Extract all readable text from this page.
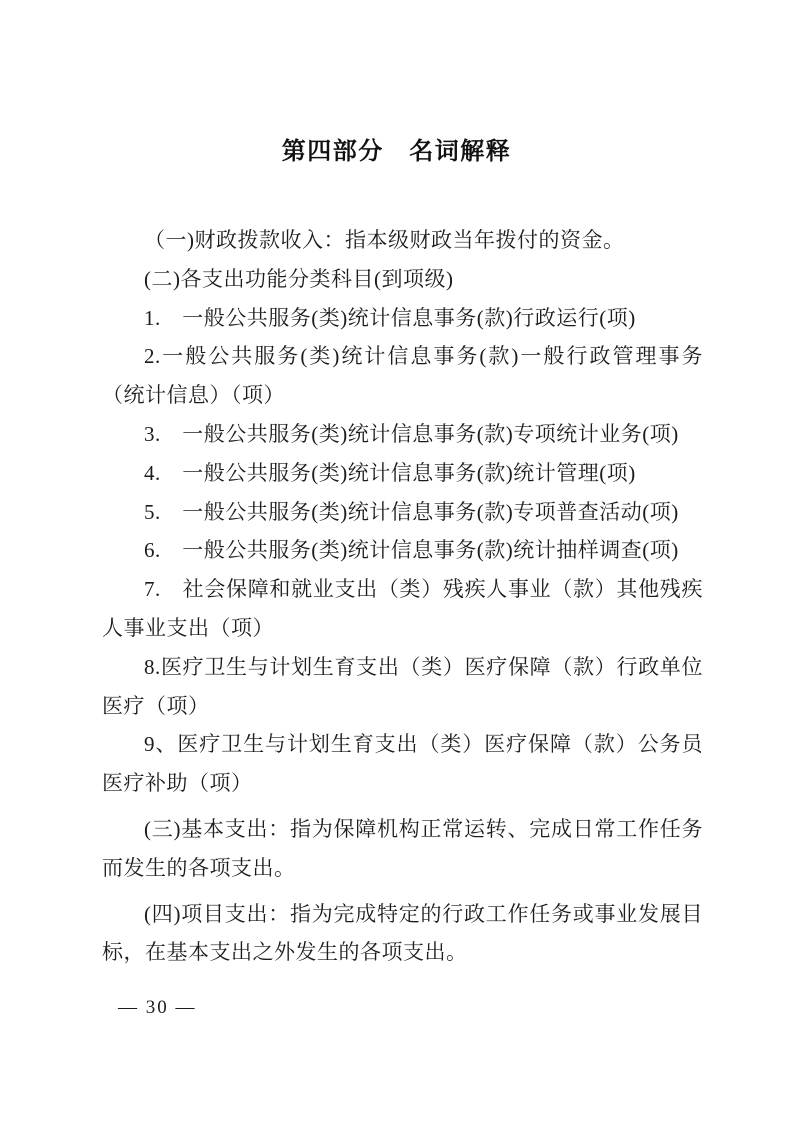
第四部分　名词解释

（一)财政拨款收入：指本级财政当年拨付的资金。

(二)各支出功能分类科目(到项级)

1.　一般公共服务(类)统计信息事务(款)行政运行(项)

2.一般公共服务(类)统计信息事务(款)一般行政管理事务（统计信息）（项）

3.　一般公共服务(类)统计信息事务(款)专项统计业务(项)

4.　一般公共服务(类)统计信息事务(款)统计管理(项)

5.　一般公共服务(类)统计信息事务(款)专项普查活动(项)

6.　一般公共服务(类)统计信息事务(款)统计抽样调查(项)

7.　社会保障和就业支出（类）残疾人事业（款）其他残疾人事业支出（项）

8.医疗卫生与计划生育支出（类）医疗保障（款）行政单位医疗（项）

9、医疗卫生与计划生育支出（类）医疗保障（款）公务员医疗补助（项）

(三)基本支出：指为保障机构正常运转、完成日常工作任务而发生的各项支出。

(四)项目支出：指为完成特定的行政工作任务或事业发展目标，在基本支出之外发生的各项支出。

— 30 —
